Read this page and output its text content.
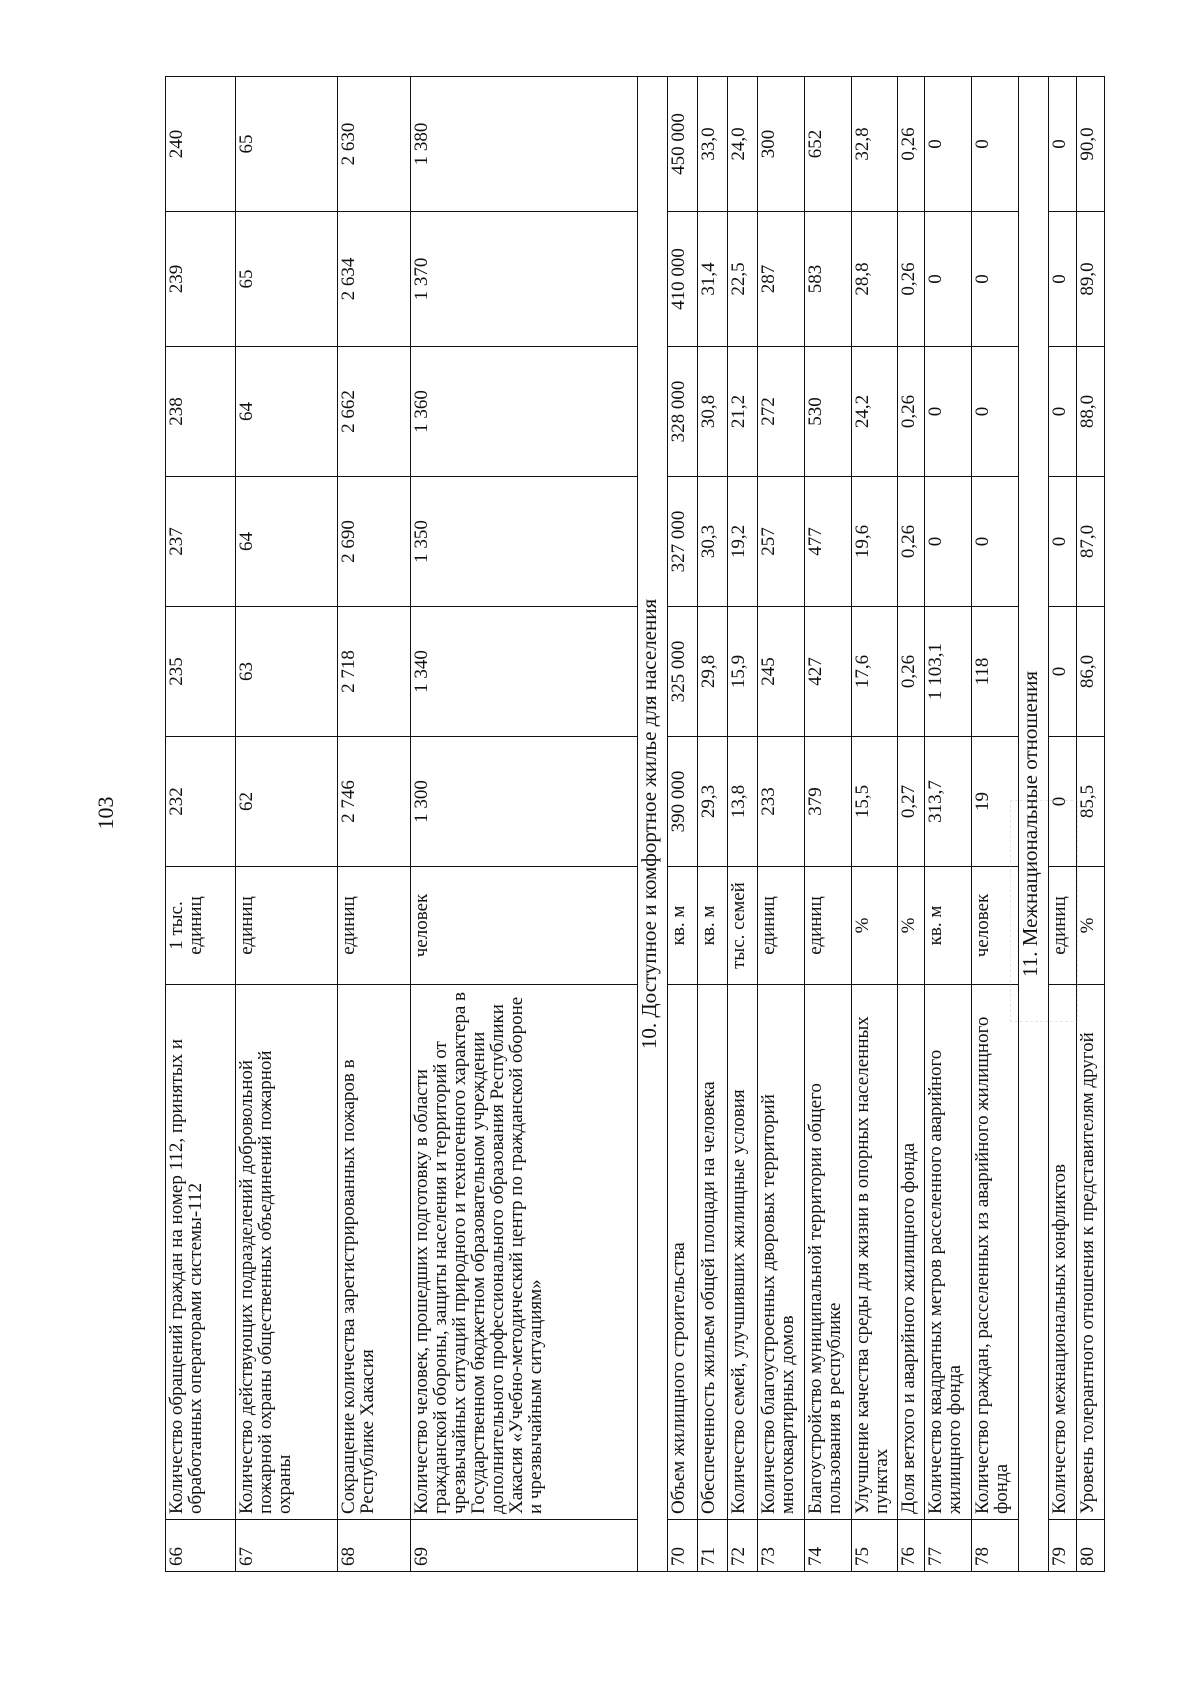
103
66	Количество обращений граждан на номер 112, принятых и обработанных операторами системы-112	1 тыс. единиц	232	235	237	238	239	240
67	Количество действующих подразделений добровольной пожарной охраны общественных объединений пожарной охраны	единиц	62	63	64	64	65	65
68	Сокращение количества зарегистрированных пожаров в Республике Хакасия	единиц	2 746	2 718	2 690	2 662	2 634	2 630
69	Количество человек, прошедших подготовку в области гражданской обороны, защиты населения и территорий от чрезвычайных ситуаций природного и техногенного характера в Государственном бюджетном образовательном учреждении дополнительного профессионального образования Республики Хакасия «Учебно-методический центр по гражданской обороне и чрезвычайным ситуациям»	человек	1 300	1 340	1 350	1 360	1 370	1 380
10. Доступное и комфортное жилье для населения								
70	Объем жилищного строительства	кв. м	390 000	325 000	327 000	328 000	410 000	450 000
71	Обеспеченность жильем общей площади на человека	кв. м	29,3	29,8	30,3	30,8	31,4	33,0
72	Количество семей, улучшивших жилищные условия	тыс. семей	13,8	15,9	19,2	21,2	22,5	24,0
73	Количество благоустроенных дворовых территорий многоквартирных домов	единиц	233	245	257	272	287	300
74	Благоустройство муниципальной территории общего пользования в республике	единиц	379	427	477	530	583	652
75	Улучшение качества среды для жизни в опорных населенных пунктах	%	15,5	17,6	19,6	24,2	28,8	32,8
76	Доля ветхого и аварийного жилищного фонда	%	0,27	0,26	0,26	0,26	0,26	0,26
77	Количество квадратных метров расселенного аварийного жилищного фонда	кв. м	313,7	1 103,1	0	0	0	0
78	Количество граждан, расселенных из аварийного жилищного фонда	человек	19	118	0	0	0	0
11. Межнациональные отношения								
79	Количество межнациональных конфликтов	единиц	0	0	0	0	0	0
80	Уровень толерантного отношения к представителям другой	%	85,5	86,0	87,0	88,0	89,0	90,0
